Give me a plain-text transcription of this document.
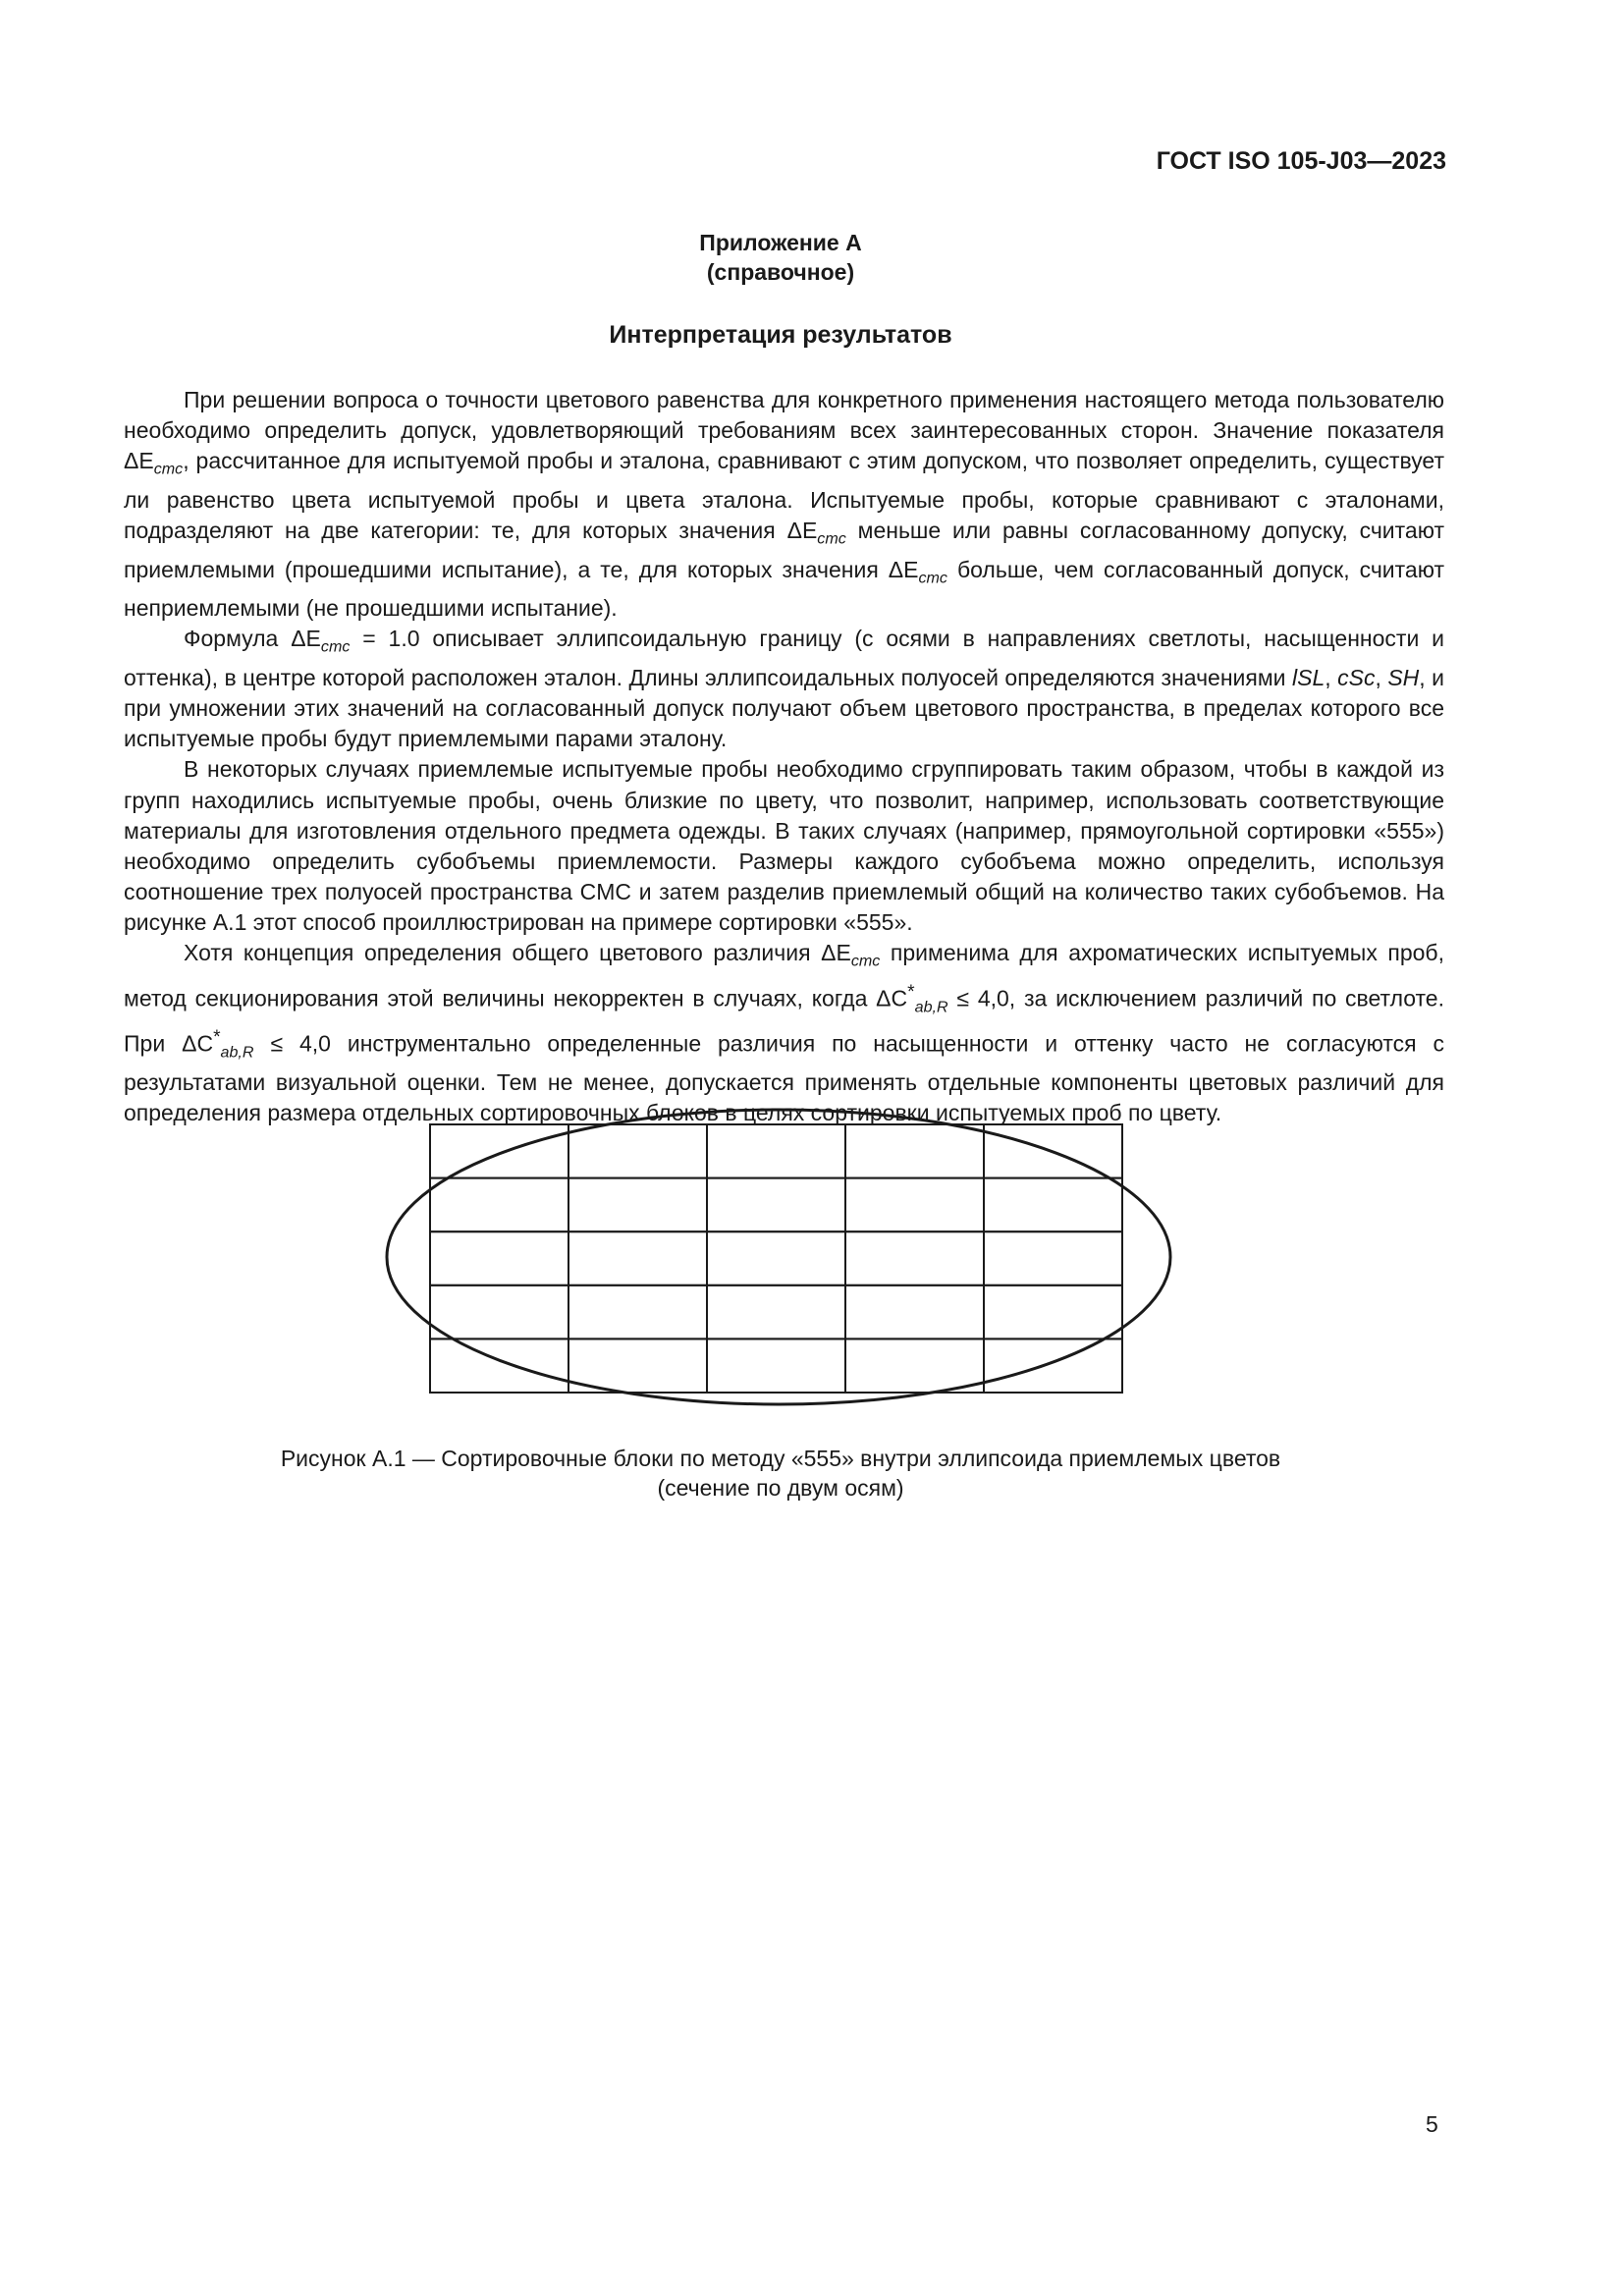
ГОСТ ISO 105-J03—2023
Приложение А
(справочное)
Интерпретация результатов

При решении вопроса о точности цветового равенства для конкретного применения настоящего метода пользователю необходимо определить допуск, удовлетворяющий требованиям всех заинтересованных сторон. Значение показателя $\Delta E_{cmc}$, рассчитанное для испытуемой пробы и эталона, сравнивают с этим допуском, что позволяет определить, существует ли равенство цвета испытуемой пробы и цвета эталона. Испытуемые пробы, которые сравнивают с эталонами, подразделяют на две категории: те, для которых значения $\Delta E_{cmc}$ меньше или равны согласованному допуску, считают приемлемыми (прошедшими испытание), а те, для которых значения $\Delta E_{cmc}$ больше, чем согласованный допуск, считают неприемлемыми (не прошедшими испытание).

Формула $\Delta E_{cmc} = 1.0$ описывает эллипсоидальную границу (с осями в направлениях светлоты, насыщенности и оттенка), в центре которой расположен эталон. Длины эллипсоидальных полуосей определяются значениями lSL, cSc, SH, и при умножении этих значений на согласованный допуск получают объем цветового пространства, в пределах которого все испытуемые пробы будут приемлемыми парами эталону.

В некоторых случаях приемлемые испытуемые пробы необходимо сгруппировать таким образом, чтобы в каждой из групп находились испытуемые пробы, очень близкие по цвету, что позволит, например, использовать соответствующие материалы для изготовления отдельного предмета одежды. В таких случаях (например, прямоугольной сортировки «555») необходимо определить субобъемы приемлемости. Размеры каждого субобъема можно определить, используя соотношение трех полуосей пространства CMC и затем разделив приемлемый общий на количество таких субобъемов. На рисунке А.1 этот способ проиллюстрирован на примере сортировки «555».

Хотя концепция определения общего цветового различия $\Delta E_{cmc}$ применима для ахроматических испытуемых проб, метод секционирования этой величины некорректен в случаях, когда $\Delta C^*_{ab,R} \le 4,0$, за исключением различий по светлоте. При $\Delta C^*_{ab,R} \le 4,0$ инструментально определенные различия по насыщенности и оттенку часто не согласуются с результатами визуальной оценки. Тем не менее, допускается применять отдельные компоненты цветовых различий для определения размера отдельных сортировочных блоков в целях сортировки испытуемых проб по цвету.

Рисунок А.1 — Сортировочные блоки по методу «555» внутри эллипсоида приемлемых цветов
(сечение по двум осям)
5
